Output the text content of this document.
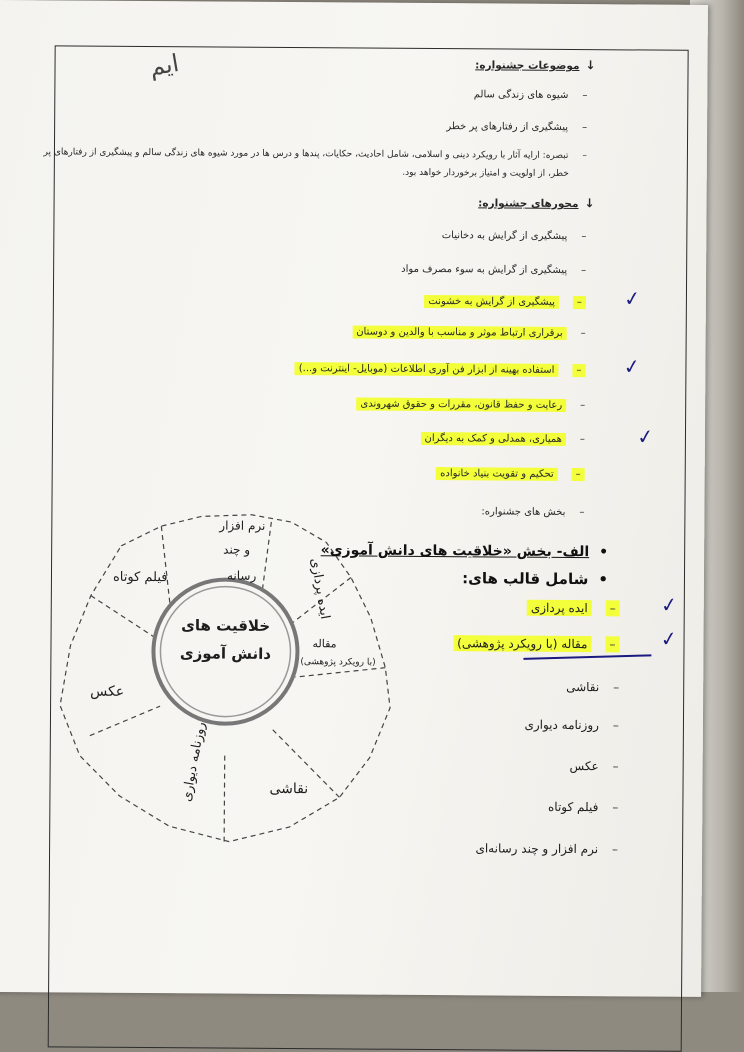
ایم	↓موضوعات جشنواره:
–شیوه های زندگی سالم
–پیشگیری از رفتارهای پر خطر
–تبصره: ارایه آثار با رویکرد دینی و اسلامی، شامل احادیث، حکایات، پندها و درس ها در مورد شیوه های زندگی سالم و پیشگیری از رفتارهای پر
خطر، از اولویت و امتیاز برخوردار خواهد بود.
↓محورهای جشنواره:
–پیشگیری از گرایش به دخانیات
–پیشگیری از گرایش به سوء مصرف مواد
✓
–پیشگیری از گرایش به خشونت
–برقراری ارتباط موثر و مناسب با والدین و دوستان
✓
–استفاده بهینه از ابزار فن آوری اطلاعات (موبایل- اینترنت و...)
–رعایت و حفظ قانون، مقررات و حقوق شهروندی
✓
–همیاری، همدلی و کمک به دیگران
–تحکیم و تقویت بنیاد خانواده
–بخش های جشنواره:
•الف- بخش «خلاقیت های دانش آموزی»
•شامل قالب های:
✓
–ایده پردازی
✓
–مقاله (با رویکرد پژوهشی)
–نقاشی
–روزنامه دیواری
–عکس
–فیلم کوتاه
–نرم افزار و چند رسانه‌ای
خلاقیت های
دانش آموزی
نرم افزار
و چند
رسانه
فیلم کوتاه	ایده پردازی
مقاله
(با رویکرد پژوهشی)
عکس
روزنامه دیواری	نقاشی
